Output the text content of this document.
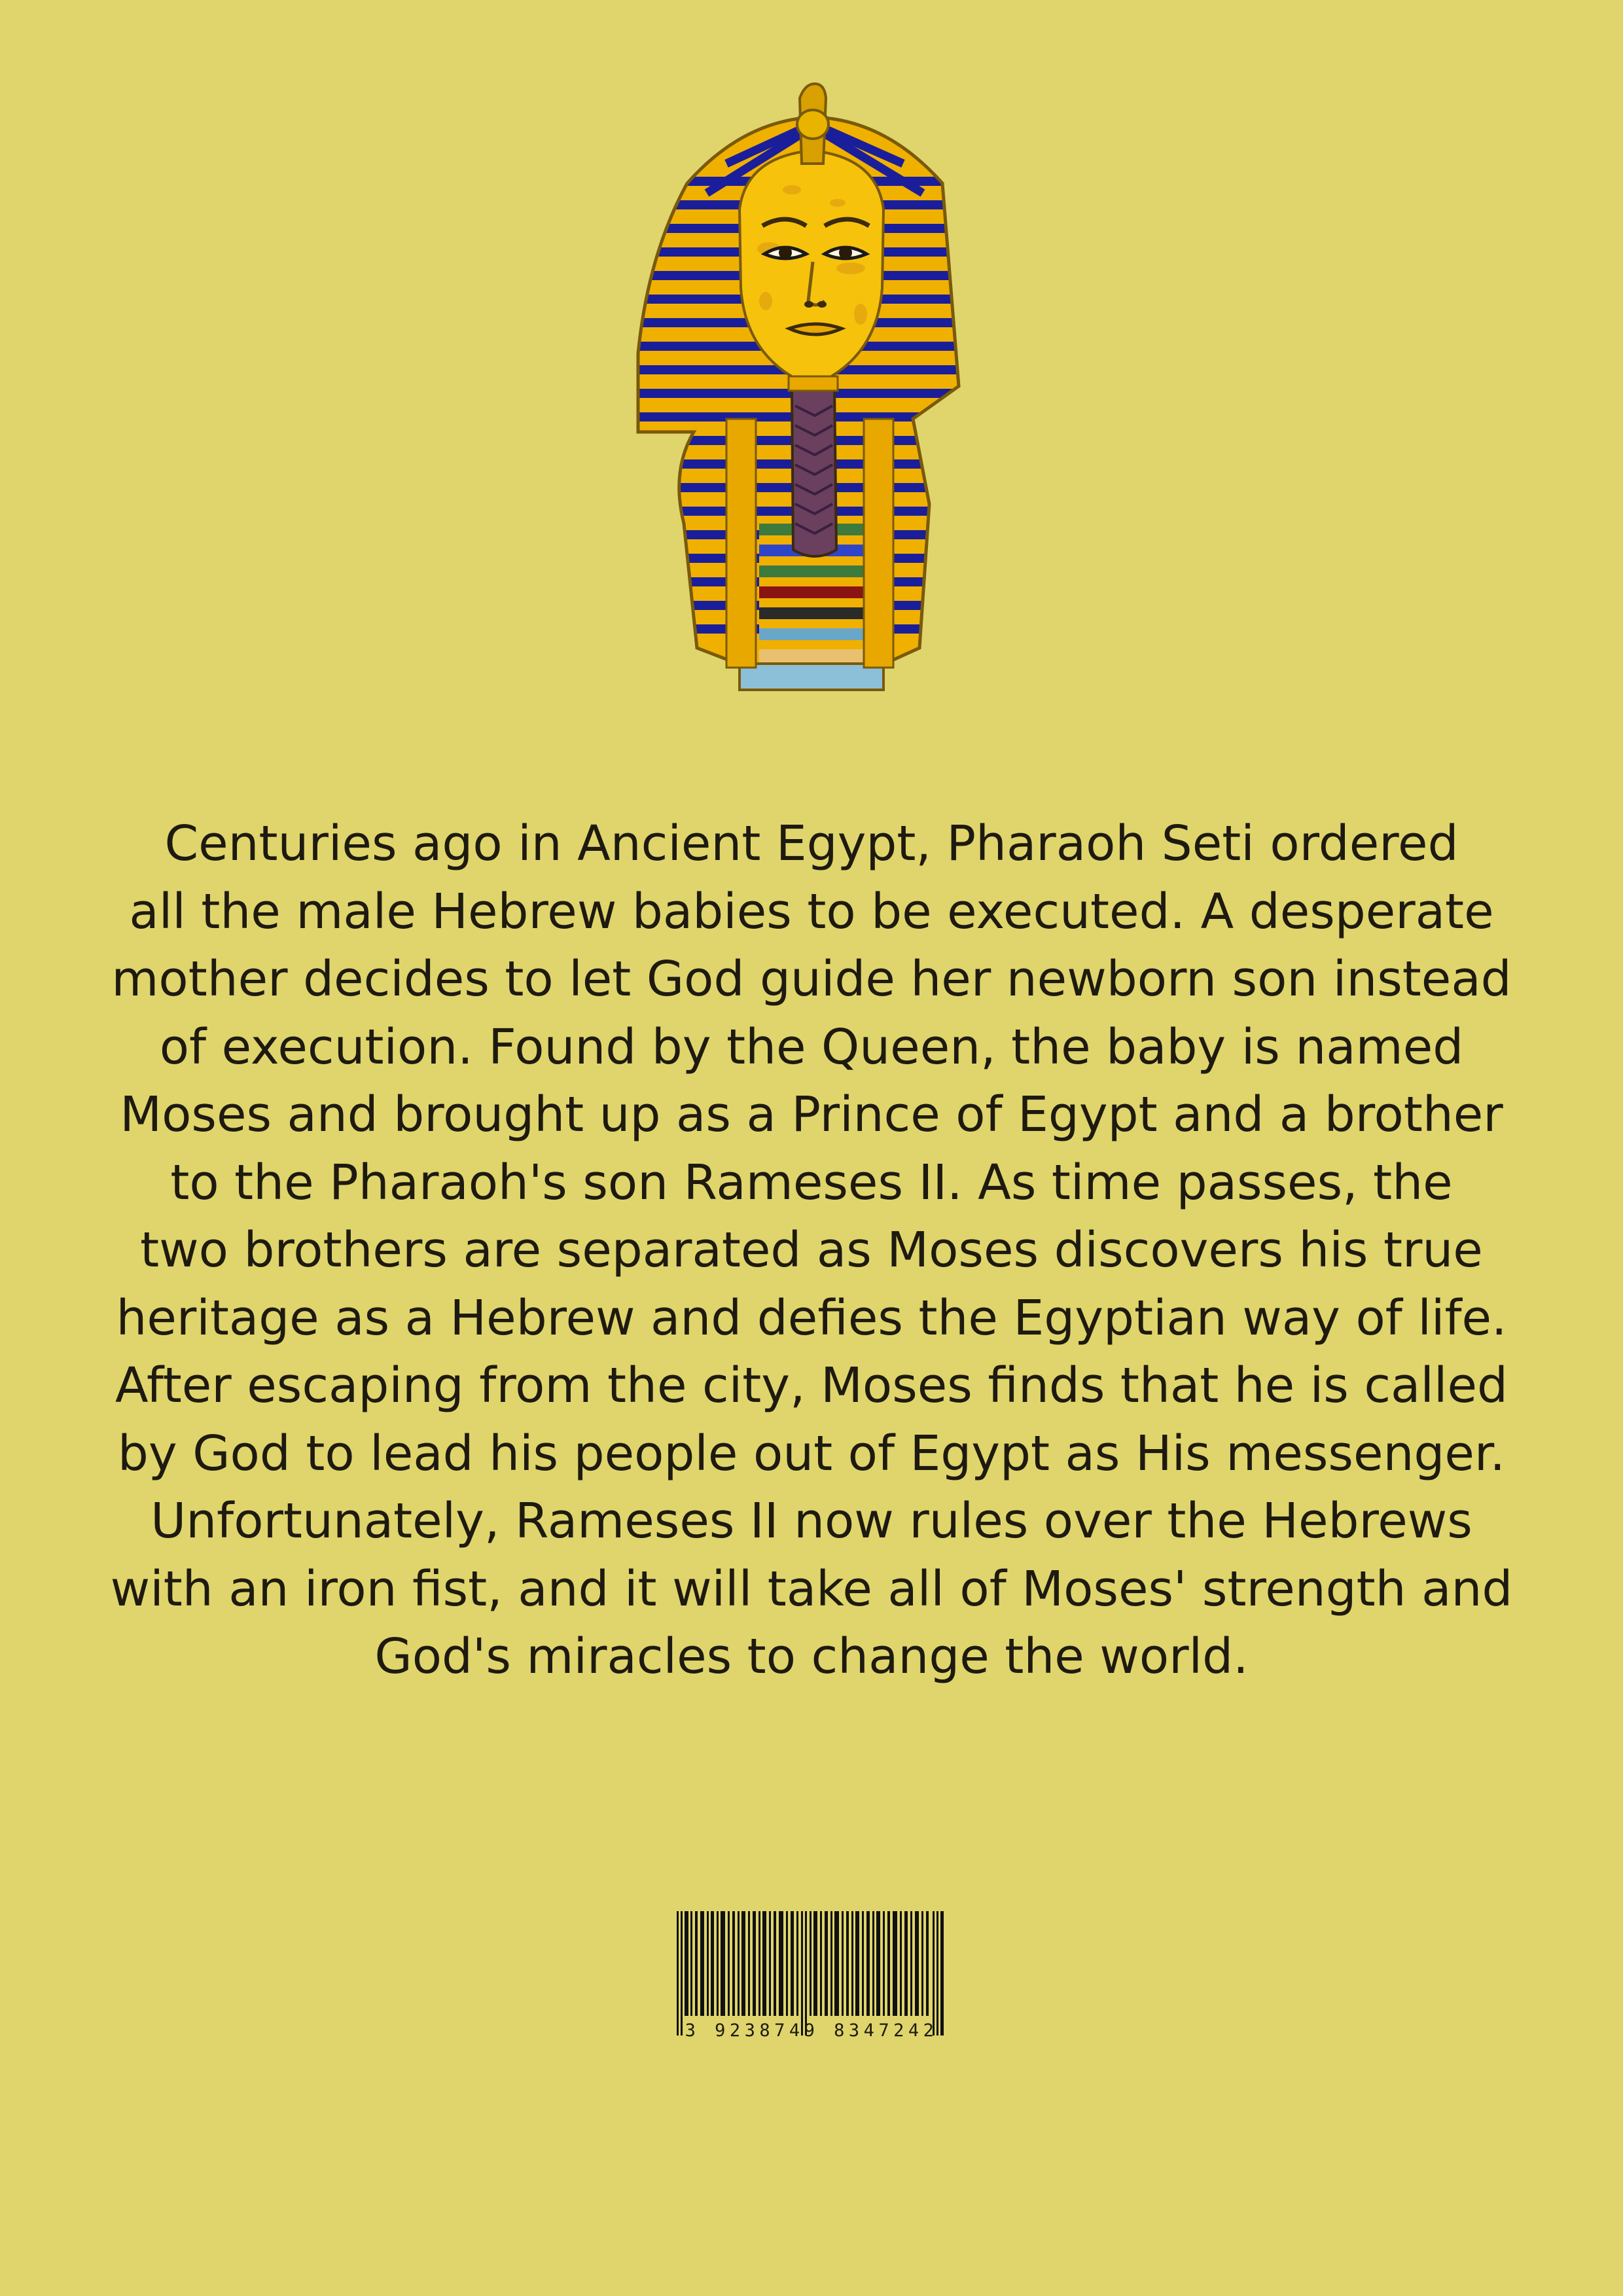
Centuries ago in Ancient Egypt, Pharaoh Seti ordered
all the male Hebrew babies to be executed. A desperate
mother decides to let God guide her newborn son instead
of execution. Found by the Queen, the baby is named
Moses and brought up as a Prince of Egypt and a brother
to the Pharaoh's son Rameses II. As time passes, the
two brothers are separated as Moses discovers his true
heritage as a Hebrew and defies the Egyptian way of life.
After escaping from the city, Moses finds that he is called
by God to lead his people out of Egypt as His messenger.
Unfortunately, Rameses II now rules over the Hebrews
with an iron fist, and it will take all of Moses' strength and
God's miracles to change the world.

3 9238749 8347242
